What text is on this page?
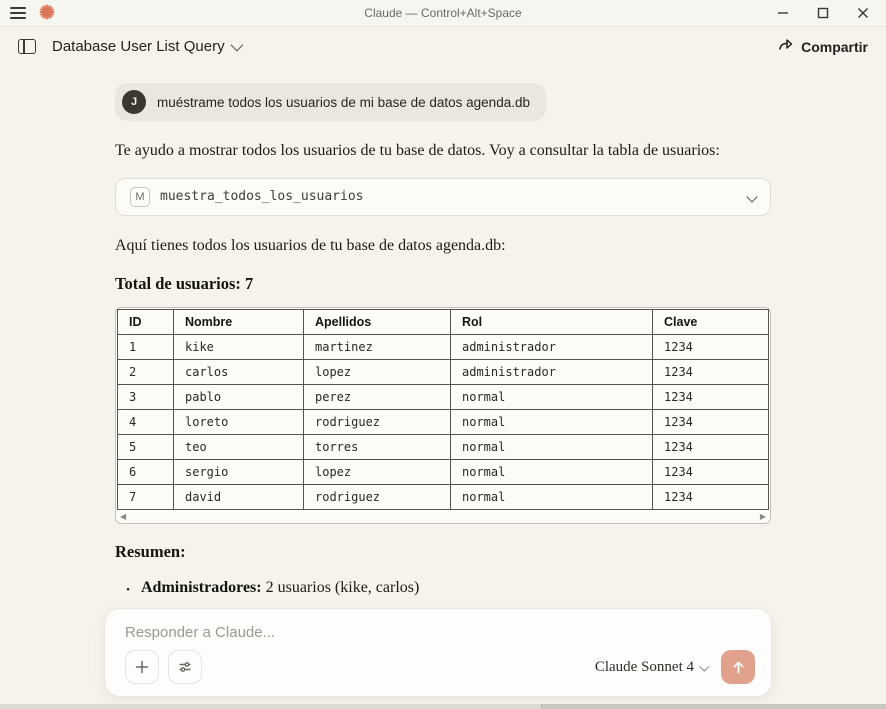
Claude — Control+Alt+Space
Database User List Query	Compartir
J	muéstrame todos los usuarios de mi base de datos agenda.db

Te ayudo a mostrar todos los usuarios de tu base de datos. Voy a consultar la tabla de usuarios:

M	muestra_todos_los_usuarios

Aquí tienes todos los usuarios de tu base de datos agenda.db:

Total de usuarios: 7
ID	Nombre	Apellidos	Rol	Clave
1	kike	martinez	administrador	1234
2	carlos	lopez	administrador	1234
3	pablo	perez	normal	1234
4	loreto	rodriguez	normal	1234
5	teo	torres	normal	1234
6	sergio	lopez	normal	1234
7	david	rodriguez	normal	1234
◀	▶
Resumen:
• Administradores: 2 usuarios (kike, carlos)
Responder a Claude...
Claude Sonnet 4
